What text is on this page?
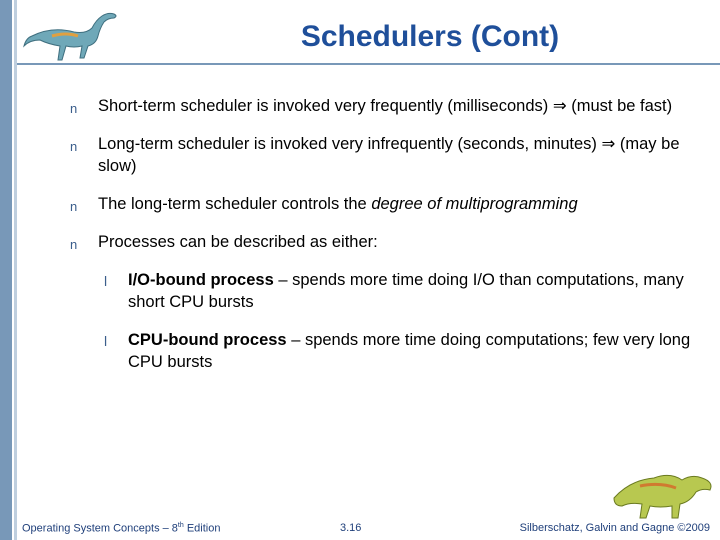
Schedulers (Cont)
n Short-term scheduler is invoked very frequently (milliseconds) ⇒ (must be fast)
n Long-term scheduler is invoked very infrequently (seconds, minutes) ⇒ (may be slow)
n The long-term scheduler controls the degree of multiprogramming
n Processes can be described as either:
l I/O-bound process – spends more time doing I/O than computations, many short CPU bursts
l CPU-bound process – spends more time doing computations; few very long CPU bursts
Operating System Concepts – 8th Edition	3.16	Silberschatz, Galvin and Gagne ©2009
